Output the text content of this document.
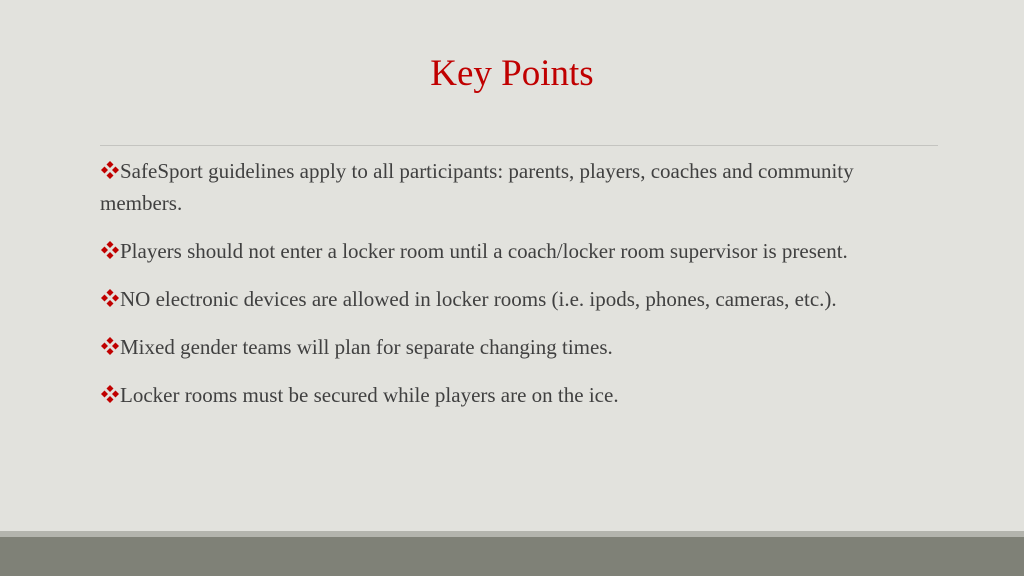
Key Points
SafeSport guidelines apply to all participants: parents, players, coaches and community members.
Players should not enter a locker room until a coach/locker room supervisor is present.
NO electronic devices are allowed in locker rooms (i.e. ipods, phones, cameras, etc.).
Mixed gender teams will plan for separate changing times.
Locker rooms must be secured while players are on the ice.
